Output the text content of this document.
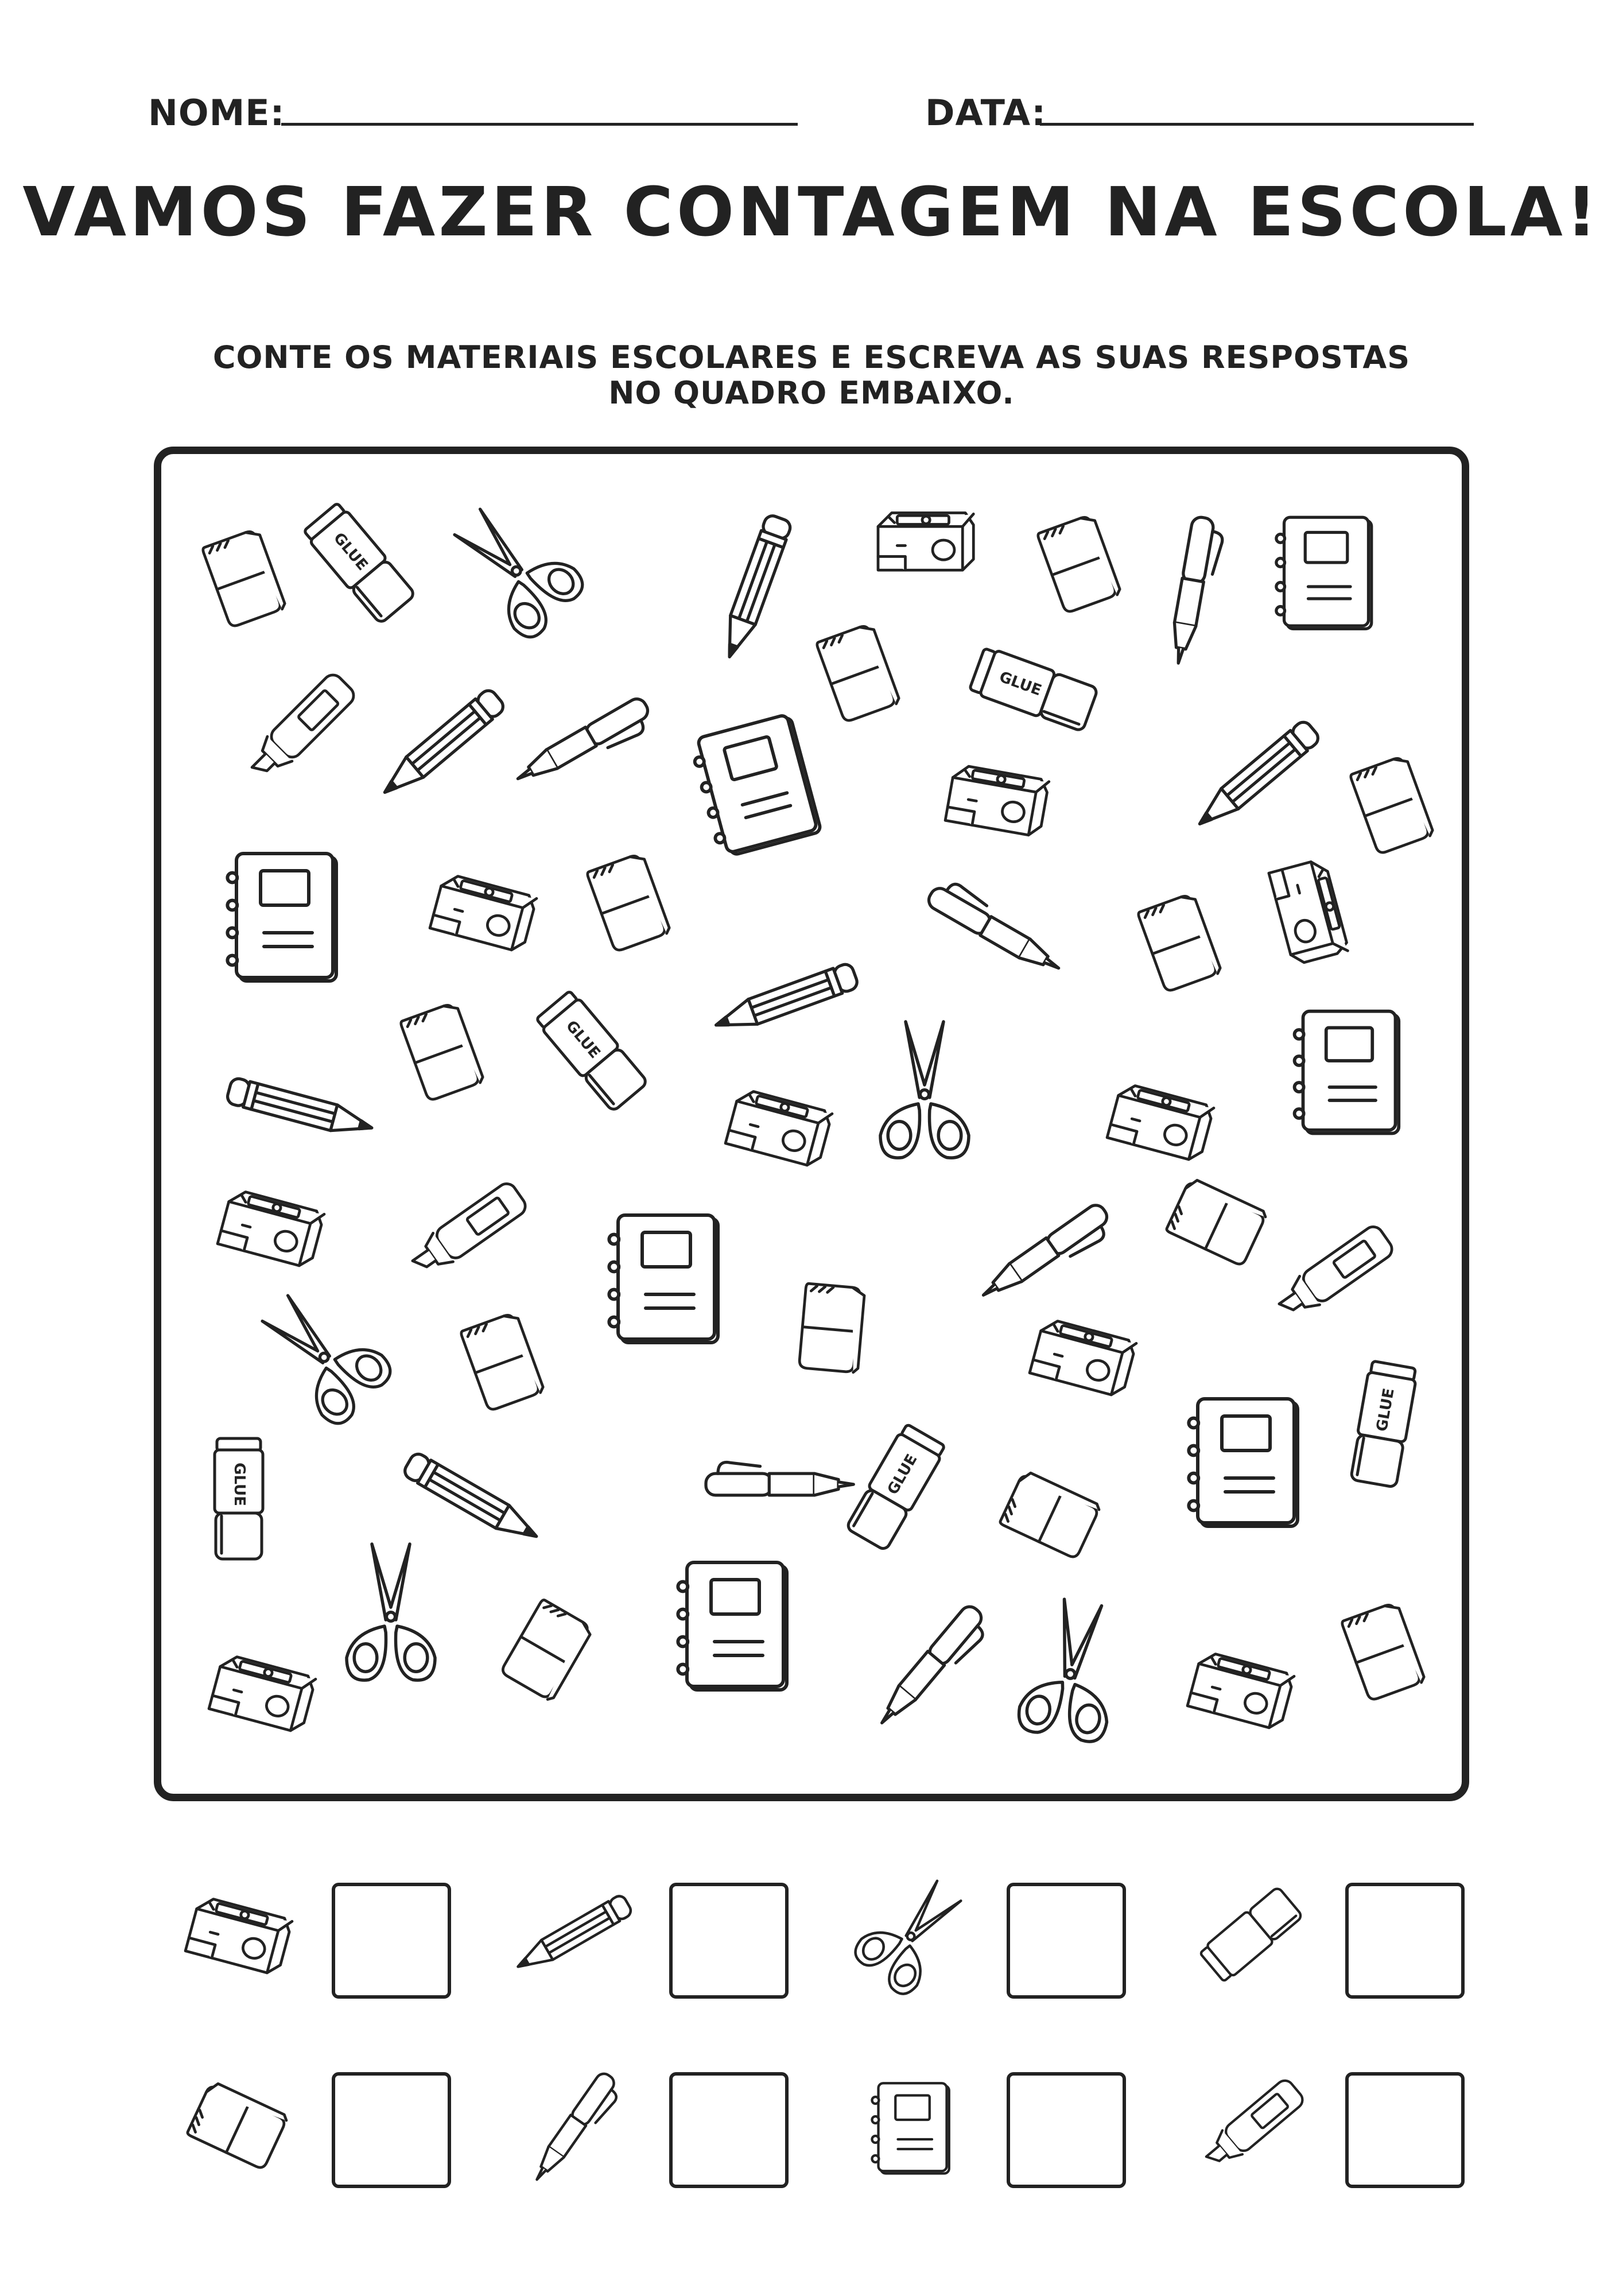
NOME:	DATA:
VAMOS FAZER CONTAGEM NA ESCOLA!
CONTE OS MATERIAIS ESCOLARES E ESCREVA AS SUAS RESPOSTAS NO QUADRO EMBAIXO.
GLUE
GLUE
GLUE
GLUE
GLUE	GLUE
